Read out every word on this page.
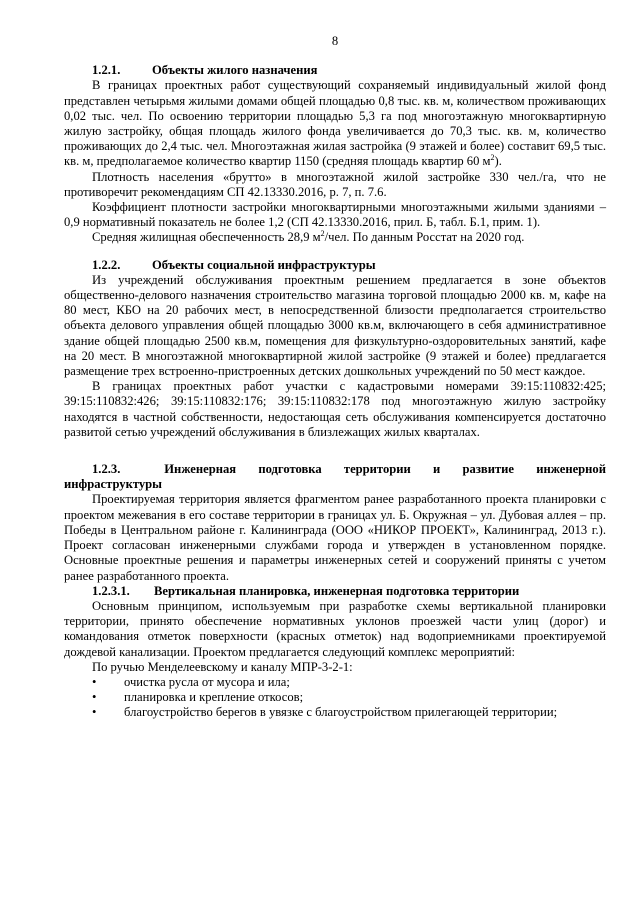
8
1.2.1.	Объекты жилого назначения

В границах проектных работ существующий сохраняемый индивидуальный жилой фонд представлен четырьмя жилыми домами общей площадью 0,8 тыс. кв. м, количеством проживающих 0,02 тыс. чел. По освоению территории площадью 5,3 га под многоэтажную многоквартирную жилую застройку, общая площадь жилого фонда увеличивается до 70,3 тыс. кв. м, количество проживающих до 2,4 тыс. чел. Многоэтажная жилая застройка (9 этажей и более) составит 69,5 тыс. кв. м, предполагаемое количество квартир 1150 (средняя площадь квартир 60 $м^2$).

Плотность населения «брутто» в многоэтажной жилой застройке 330 чел./га, что не противоречит рекомендациям СП 42.13330.2016, р. 7, п. 7.6.

Коэффициент плотности застройки многоквартирными многоэтажными жилыми зданиями – 0,9 нормативный показатель не более 1,2 (СП 42.13330.2016, прил. Б, табл. Б.1, прим. 1).

Средняя жилищная обеспеченность 28,9 $м^2$/чел. По данным Росстат на 2020 год.

1.2.2.	Объекты социальной инфраструктуры

Из учреждений обслуживания проектным решением предлагается в зоне объектов общественно-делового назначения строительство магазина торговой площадью 2000 кв. м, кафе на 80 мест, КБО на 20 рабочих мест, в непосредственной близости предполагается строительство объекта делового управления общей площадью 3000 кв.м, включающего в себя административное здание общей площадью 2500 кв.м, помещения для физкультурно-оздоровительных занятий, кафе на 20 мест. В многоэтажной многоквартирной жилой застройке (9 этажей и более) предлагается размещение трех встроенно-пристроенных детских дошкольных учреждений по 50 мест каждое.

В границах проектных работ участки с кадастровыми номерами 39:15:110832:425; 39:15:110832:426; 39:15:110832:176; 39:15:110832:178 под многоэтажную жилую застройку находятся в частной собственности, недостающая сеть обслуживания компенсируется достаточно развитой сетью учреждений обслуживания в близлежащих жилых кварталах.

1.2.3.	Инженерная подготовка территории и развитие инженерной
инфраструктуры

Проектируемая территория является фрагментом ранее разработанного проекта планировки с проектом межевания в его составе территории в границах ул. Б. Окружная – ул. Дубовая аллея – пр. Победы в Центральном районе г. Калининграда (ООО «НИКОР ПРОЕКТ», Калининград, 2013 г.). Проект согласован инженерными службами города и утвержден в установленном порядке. Основные проектные решения и параметры инженерных сетей и сооружений приняты с учетом ранее разработанного проекта.

1.2.3.1. Вертикальная планировка, инженерная подготовка территории

Основным принципом, используемым при разработке схемы вертикальной планировки территории, принято обеспечение нормативных уклонов проезжей части улиц (дорог) и командования отметок поверхности (красных отметок) над водоприемниками проектируемой дождевой канализации. Проектом предлагается следующий комплекс мероприятий:

По ручью Менделеевскому и каналу МПР-3-2-1:

• очистка русла от мусора и ила;
• планировка и крепление откосов;

• благоустройство берегов в увязке с благоустройством прилегающей территории;
